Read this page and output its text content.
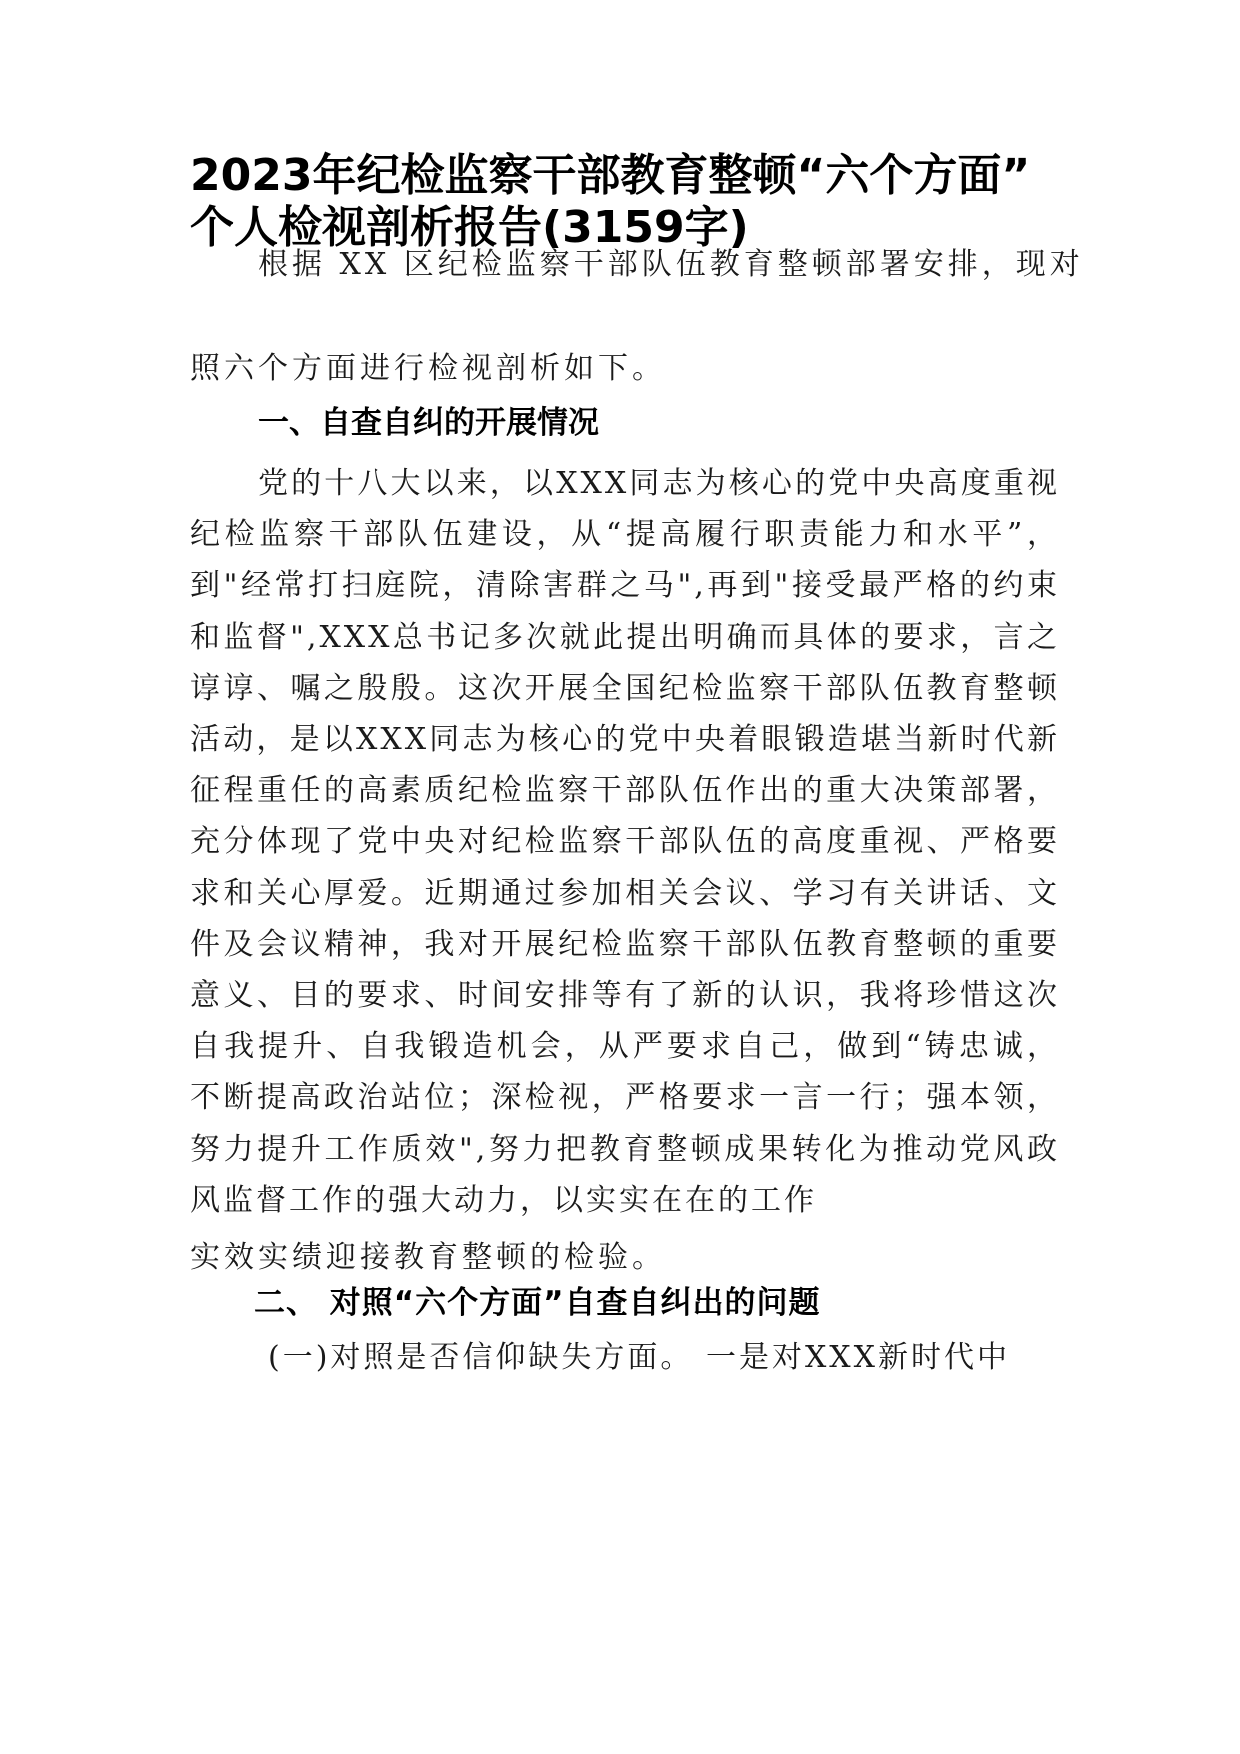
2023年纪检监察干部教育整顿“六个方面”
个人检视剖析报告(3159字)
根据 XX 区纪检监察干部队伍教育整顿部署安排，现对
照六个方面进行检视剖析如下。
一、自查自纠的开展情况
党的十八大以来，以XXX同志为核心的党中央高度重视纪检监察干部队伍建设，从“提高履行职责能力和水平”，到"经常打扫庭院，清除害群之马",再到"接受最严格的约束和监督",XXX总书记多次就此提出明确而具体的要求，言之谆谆、嘱之殷殷。这次开展全国纪检监察干部队伍教育整顿活动，是以XXX同志为核心的党中央着眼锻造堪当新时代新征程重任的高素质纪检监察干部队伍作出的重大决策部署，充分体现了党中央对纪检监察干部队伍的高度重视、严格要求和关心厚爱。近期通过参加相关会议、学习有关讲话、文件及会议精神，我对开展纪检监察干部队伍教育整顿的重要意义、目的要求、时间安排等有了新的认识，我将珍惜这次自我提升、自我锻造机会，从严要求自己，做到“铸忠诚，不断提高政治站位；深检视，严格要求一言一行；强本领，努力提升工作质效",努力把教育整顿成果转化为推动党风政风监督工作的强大动力，以实实在在的工作
实效实绩迎接教育整顿的检验。
二、 对照“六个方面”自查自纠出的问题
(一)对照是否信仰缺失方面。 一是对XXX新时代中
